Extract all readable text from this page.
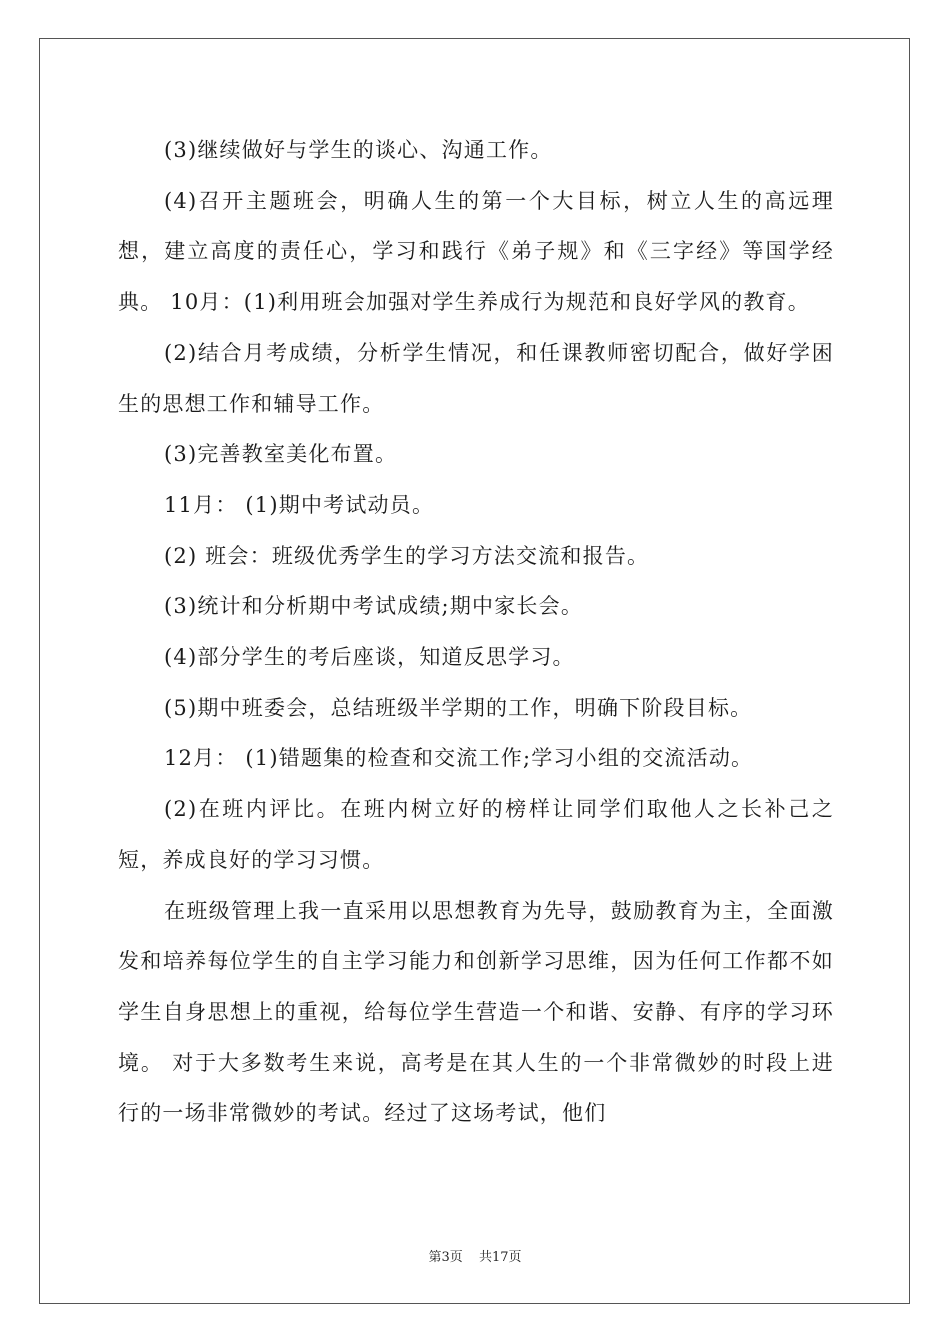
(3)继续做好与学生的谈心、沟通工作。

(4)召开主题班会，明确人生的第一个大目标，树立人生的高远理想，建立高度的责任心，学习和践行《弟子规》和《三字经》等国学经典。 10月：(1)利用班会加强对学生养成行为规范和良好学风的教育。

(2)结合月考成绩，分析学生情况，和任课教师密切配合，做好学困生的思想工作和辅导工作。

(3)完善教室美化布置。

11月： (1)期中考试动员。

(2) 班会：班级优秀学生的学习方法交流和报告。

(3)统计和分析期中考试成绩;期中家长会。

(4)部分学生的考后座谈，知道反思学习。

(5)期中班委会，总结班级半学期的工作，明确下阶段目标。

12月： (1)错题集的检查和交流工作;学习小组的交流活动。

(2)在班内评比。在班内树立好的榜样让同学们取他人之长补己之短，养成良好的学习习惯。

在班级管理上我一直采用以思想教育为先导，鼓励教育为主，全面激发和培养每位学生的自主学习能力和创新学习思维，因为任何工作都不如学生自身思想上的重视，给每位学生营造一个和谐、安静、有序的学习环境。 对于大多数考生来说，高考是在其人生的一个非常微妙的时段上进行的一场非常微妙的考试。经过了这场考试，他们

第3页 共17页
